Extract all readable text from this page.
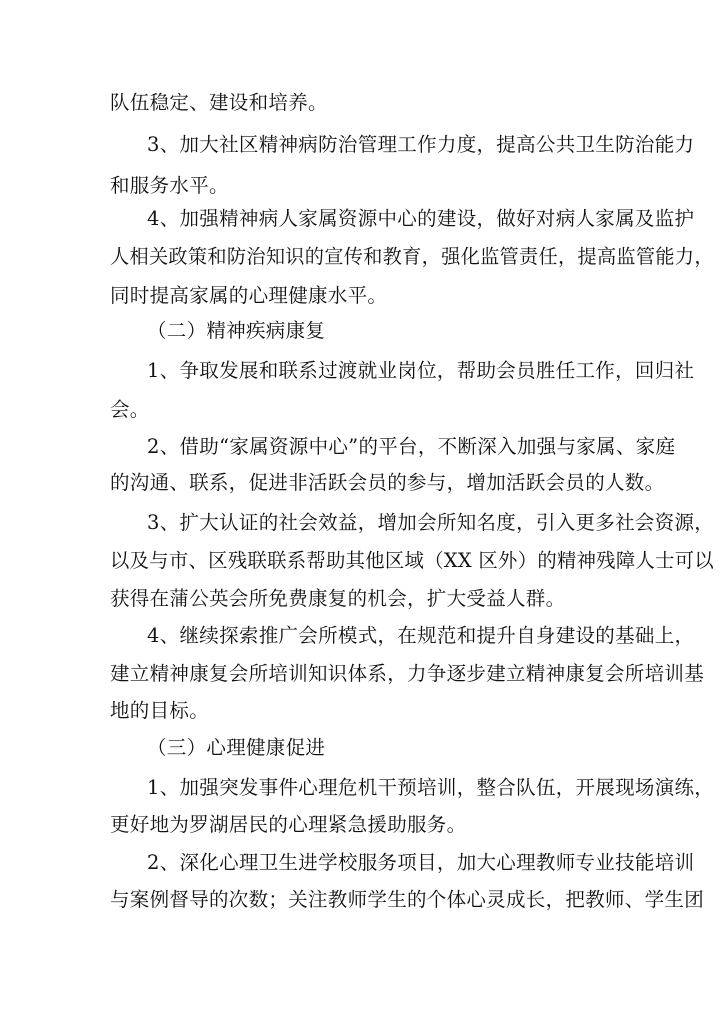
队伍稳定、建设和培养。
3、加大社区精神病防治管理工作力度，提高公共卫生防治能力
和服务水平。
4、加强精神病人家属资源中心的建设，做好对病人家属及监护
人相关政策和防治知识的宣传和教育，强化监管责任，提高监管能力，
同时提高家属的心理健康水平。
（二）精神疾病康复
1、争取发展和联系过渡就业岗位，帮助会员胜任工作，回归社
会。
2、借助“家属资源中心”的平台，不断深入加强与家属、家庭
的沟通、联系，促进非活跃会员的参与，增加活跃会员的人数。
3、扩大认证的社会效益，增加会所知名度，引入更多社会资源，
以及与市、区残联联系帮助其他区域（XX 区外）的精神残障人士可以
获得在蒲公英会所免费康复的机会，扩大受益人群。
4、继续探索推广会所模式，在规范和提升自身建设的基础上，
建立精神康复会所培训知识体系，力争逐步建立精神康复会所培训基
地的目标。
（三）心理健康促进
1、加强突发事件心理危机干预培训，整合队伍，开展现场演练，
更好地为罗湖居民的心理紧急援助服务。
2、深化心理卫生进学校服务项目，加大心理教师专业技能培训
与案例督导的次数；关注教师学生的个体心灵成长，把教师、学生团
